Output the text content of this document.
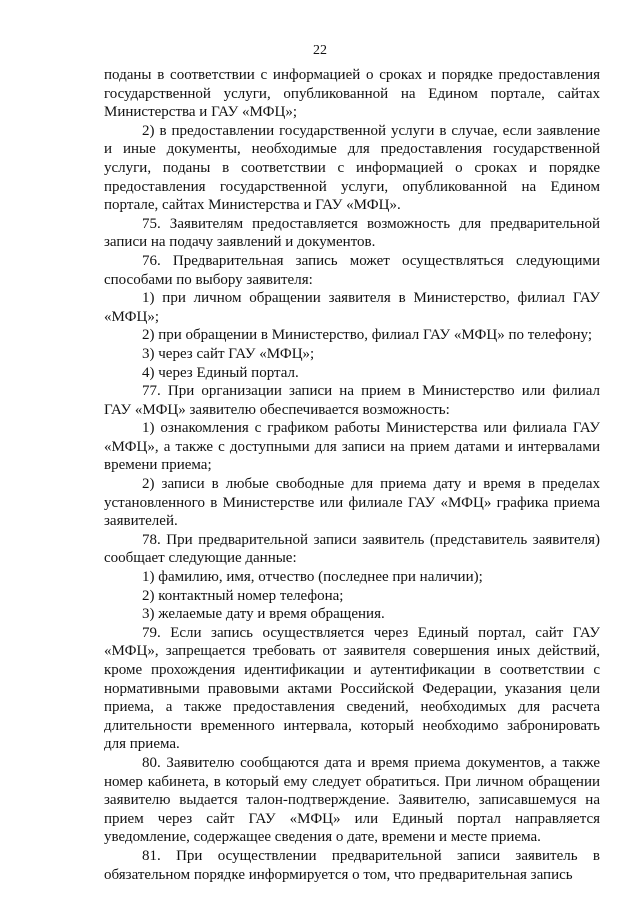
22

поданы в соответствии с информацией о сроках и порядке предоставления государственной услуги, опубликованной на Едином портале, сайтах Министерства и ГАУ «МФЦ»;

2) в предоставлении государственной услуги в случае, если заявление и иные документы, необходимые для предоставления государственной услуги, поданы в соответствии с информацией о сроках и порядке предоставления государственной услуги, опубликованной на Едином портале, сайтах Министерства и ГАУ «МФЦ».

75. Заявителям предоставляется возможность для предварительной записи на подачу заявлений и документов.

76. Предварительная запись может осуществляться следующими способами по выбору заявителя:

1) при личном обращении заявителя в Министерство, филиал ГАУ «МФЦ»;

2) при обращении в Министерство, филиал ГАУ «МФЦ» по телефону;

3) через сайт ГАУ «МФЦ»;

4) через Единый портал.

77. При организации записи на прием в Министерство или филиал ГАУ «МФЦ» заявителю обеспечивается возможность:

1) ознакомления с графиком работы Министерства или филиала ГАУ «МФЦ», а также с доступными для записи на прием датами и интервалами времени приема;

2) записи в любые свободные для приема дату и время в пределах установленного в Министерстве или филиале ГАУ «МФЦ» графика приема заявителей.

78. При предварительной записи заявитель (представитель заявителя) сообщает следующие данные:

1) фамилию, имя, отчество (последнее при наличии);

2) контактный номер телефона;

3) желаемые дату и время обращения.

79. Если запись осуществляется через Единый портал, сайт ГАУ «МФЦ», запрещается требовать от заявителя совершения иных действий, кроме прохождения идентификации и аутентификации в соответствии с нормативными правовыми актами Российской Федерации, указания цели приема, а также предоставления сведений, необходимых для расчета длительности временного интервала, который необходимо забронировать для приема.

80. Заявителю сообщаются дата и время приема документов, а также номер кабинета, в который ему следует обратиться. При личном обращении заявителю выдается талон-подтверждение. Заявителю, записавшемуся на прием через сайт ГАУ «МФЦ» или Единый портал направляется уведомление, содержащее сведения о дате, времени и месте приема.

81. При осуществлении предварительной записи заявитель в обязательном порядке информируется о том, что предварительная запись
